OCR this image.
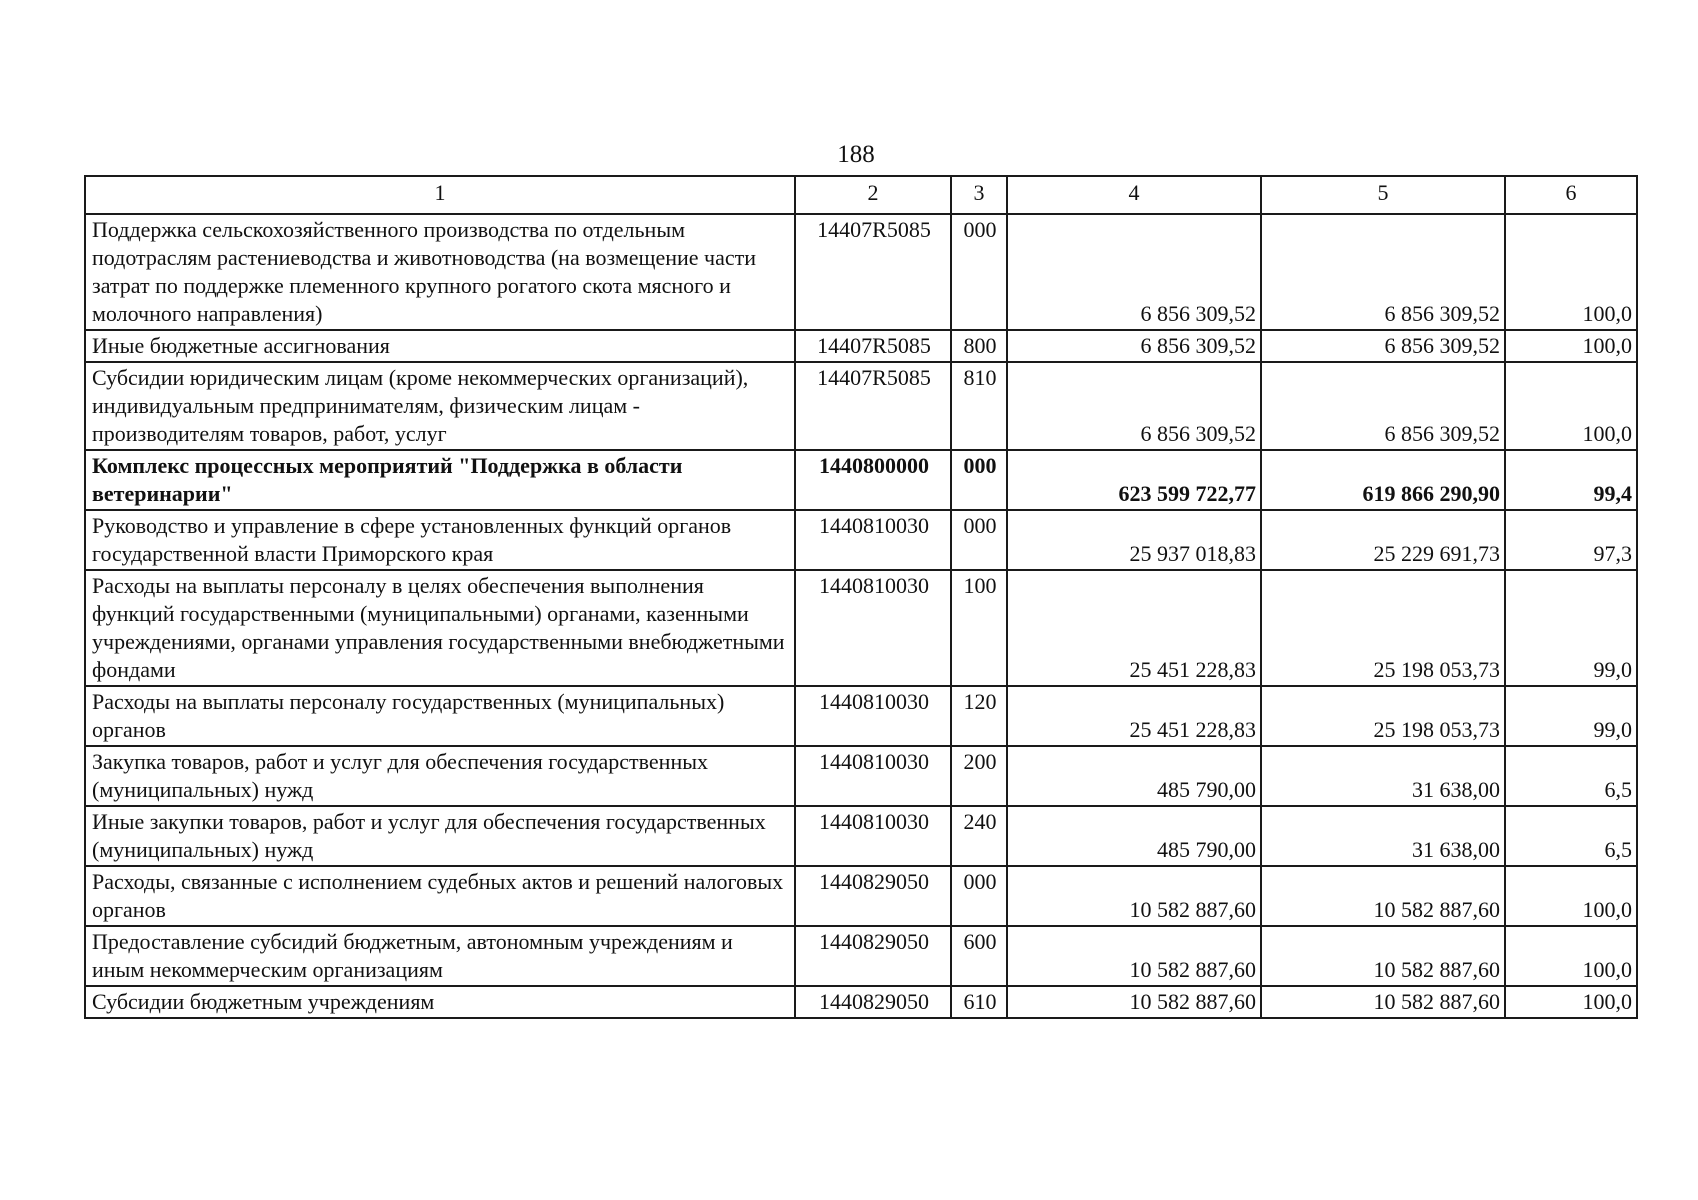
188
1	2	3	4	5	6
Поддержка сельскохозяйственного производства по отдельным подотраслям растениеводства и животноводства (на возмещение части затрат по поддержке племенного крупного рогатого скота мясного и молочного направления)	14407R5085	000	6 856 309,52	6 856 309,52	100,0
Иные бюджетные ассигнования	14407R5085	800	6 856 309,52	6 856 309,52	100,0
Субсидии юридическим лицам (кроме некоммерческих организаций), индивидуальным предпринимателям, физическим лицам - производителям товаров, работ, услуг	14407R5085	810	6 856 309,52	6 856 309,52	100,0
Комплекс процессных мероприятий "Поддержка в области ветеринарии"	1440800000	000	623 599 722,77	619 866 290,90	99,4
Руководство и управление в сфере установленных функций органов государственной власти Приморского края	1440810030	000	25 937 018,83	25 229 691,73	97,3
Расходы на выплаты персоналу в целях обеспечения выполнения функций государственными (муниципальными) органами, казенными учреждениями, органами управления государственными внебюджетными фондами	1440810030	100	25 451 228,83	25 198 053,73	99,0
Расходы на выплаты персоналу государственных (муниципальных) органов	1440810030	120	25 451 228,83	25 198 053,73	99,0
Закупка товаров, работ и услуг для обеспечения государственных (муниципальных) нужд	1440810030	200	485 790,00	31 638,00	6,5
Иные закупки товаров, работ и услуг для обеспечения государственных (муниципальных) нужд	1440810030	240	485 790,00	31 638,00	6,5
Расходы, связанные с исполнением судебных актов и решений налоговых органов	1440829050	000	10 582 887,60	10 582 887,60	100,0
Предоставление субсидий бюджетным, автономным учреждениям и иным некоммерческим организациям	1440829050	600	10 582 887,60	10 582 887,60	100,0
Субсидии бюджетным учреждениям	1440829050	610	10 582 887,60	10 582 887,60	100,0
